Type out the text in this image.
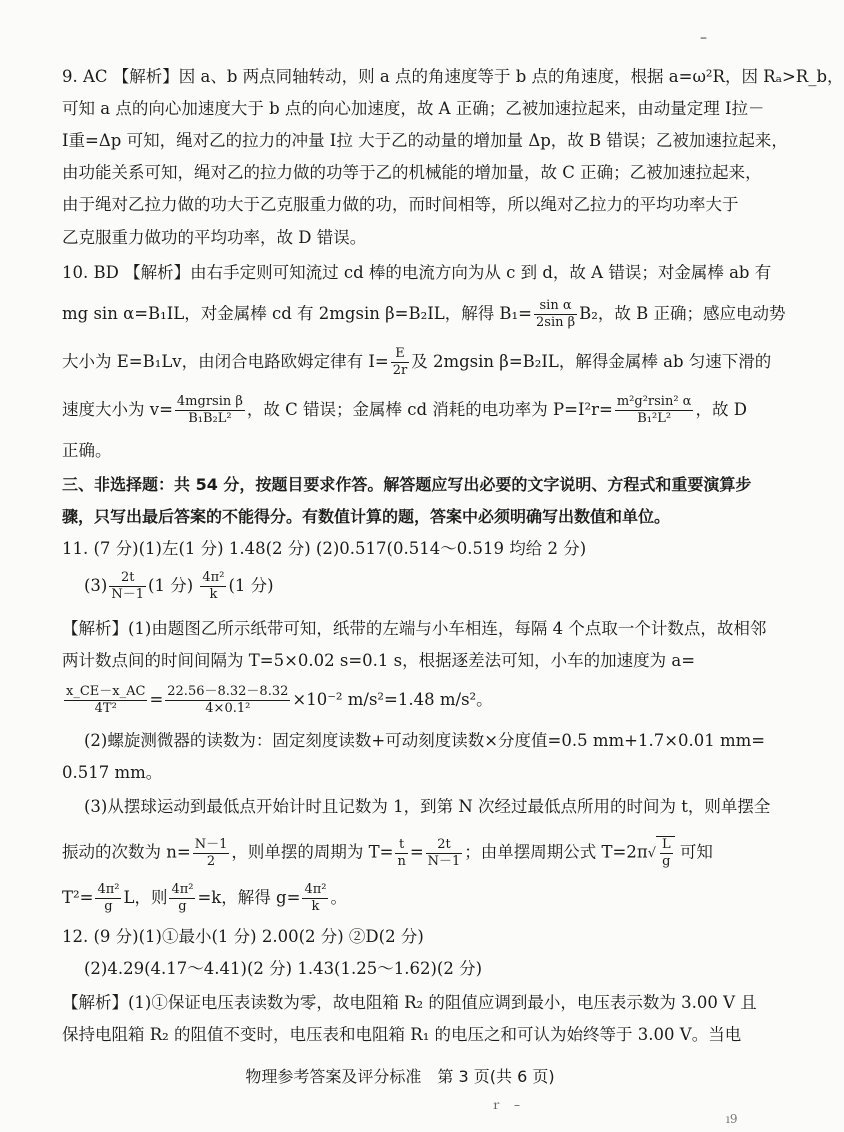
–
9. AC 【解析】因 a、b 两点同轴转动，则 a 点的角速度等于 b 点的角速度，根据 a=ω²R，因 Rₐ>R_b，
可知 a 点的向心加速度大于 b 点的向心加速度，故 A 正确；乙被加速拉起来，由动量定理 I拉－
I重=Δp 可知，绳对乙的拉力的冲量 I拉 大于乙的动量的增加量 Δp，故 B 错误；乙被加速拉起来，
由功能关系可知，绳对乙的拉力做的功等于乙的机械能的增加量，故 C 正确；乙被加速拉起来，
由于绳对乙拉力做的功大于乙克服重力做的功，而时间相等，所以绳对乙拉力的平均功率大于
乙克服重力做功的平均功率，故 D 错误。
10. BD 【解析】由右手定则可知流过 cd 棒的电流方向为从 c 到 d，故 A 错误；对金属棒 ab 有
mg sin α=B₁IL，对金属棒 cd 有 2mgsin β=B₂IL，解得 $B_1= \frac{\text{sin α}}{\text{2sin β}} B_2$，故 B 正确；感应电动势
大小为 E=B₁Lv，由闭合电路欧姆定律有 $I= \frac{E}{2r}$ 及 2mgsin β=B₂IL，解得金属棒 ab 匀速下滑的
速度大小为 $v= \frac{\text{4mgrsin β}}{\text{B₁B₂L²}}$ ，故 C 错误；金属棒 cd 消耗的电功率为 $P=I^2r= \frac{\text{m²g²rsin² α}}{\text{B₁²L²}}$ ，故 D
正确。
三、非选择题：共 54 分，按题目要求作答。解答题应写出必要的文字说明、方程式和重要演算步
骤，只写出最后答案的不能得分。有数值计算的题，答案中必须明确写出数值和单位。
11. (7 分)(1)左(1 分) 1.48(2 分) (2)0.517(0.514～0.519 均给 2 分)
$(3) \frac{2t}{N-1} (1$ 分) $\frac{\text{4π²}}{k} (1$ 分)
【解析】(1)由题图乙所示纸带可知，纸带的左端与小车相连，每隔 4 个点取一个计数点，故相邻
两计数点间的时间间隔为 T=5×0.02 s=0.1 s，根据逐差法可知，小车的加速度为 a=
$\frac{x\_CE-x\_AC}{\text{4T²}} = \frac{22.56-8.32-8.32}{\text{4×0.1²}} \times 10^{-2}$ m/s²=1.48 m/s²。
(2)螺旋测微器的读数为：固定刻度读数+可动刻度读数×分度值=0.5 mm+1.7×0.01 mm=
0.517 mm。
(3)从摆球运动到最低点开始计时且记数为 1，到第 N 次经过最低点所用的时间为 t，则单摆全
振动的次数为 $n= \frac{N-1}{2}$ ，则单摆的周期为 $T= \frac{t}{n} = \frac{2t}{N-1}$ ；由单摆周期公式 $T=2\pi√ \frac{L}{g}$ 可知
$T^2= \frac{\text{4π²}}{g}$ L，则 $\frac{\text{4π²}}{g} =k$，解得 $g= \frac{\text{4π²}}{k}$ 。
12. (9 分)(1)①最小(1 分) 2.00(2 分) ②D(2 分)
(2)4.29(4.17～4.41)(2 分) 1.43(1.25～1.62)(2 分)
【解析】(1)①保证电压表读数为零，故电阻箱 R₂ 的阻值应调到最小，电压表示数为 3.00 V 且
保持电阻箱 R₂ 的阻值不变时，电压表和电阻箱 R₁ 的电压之和可认为始终等于 3.00 V。当电
物理参考答案及评分标准　第 3 页(共 6 页)
ｒ　–
ı9
